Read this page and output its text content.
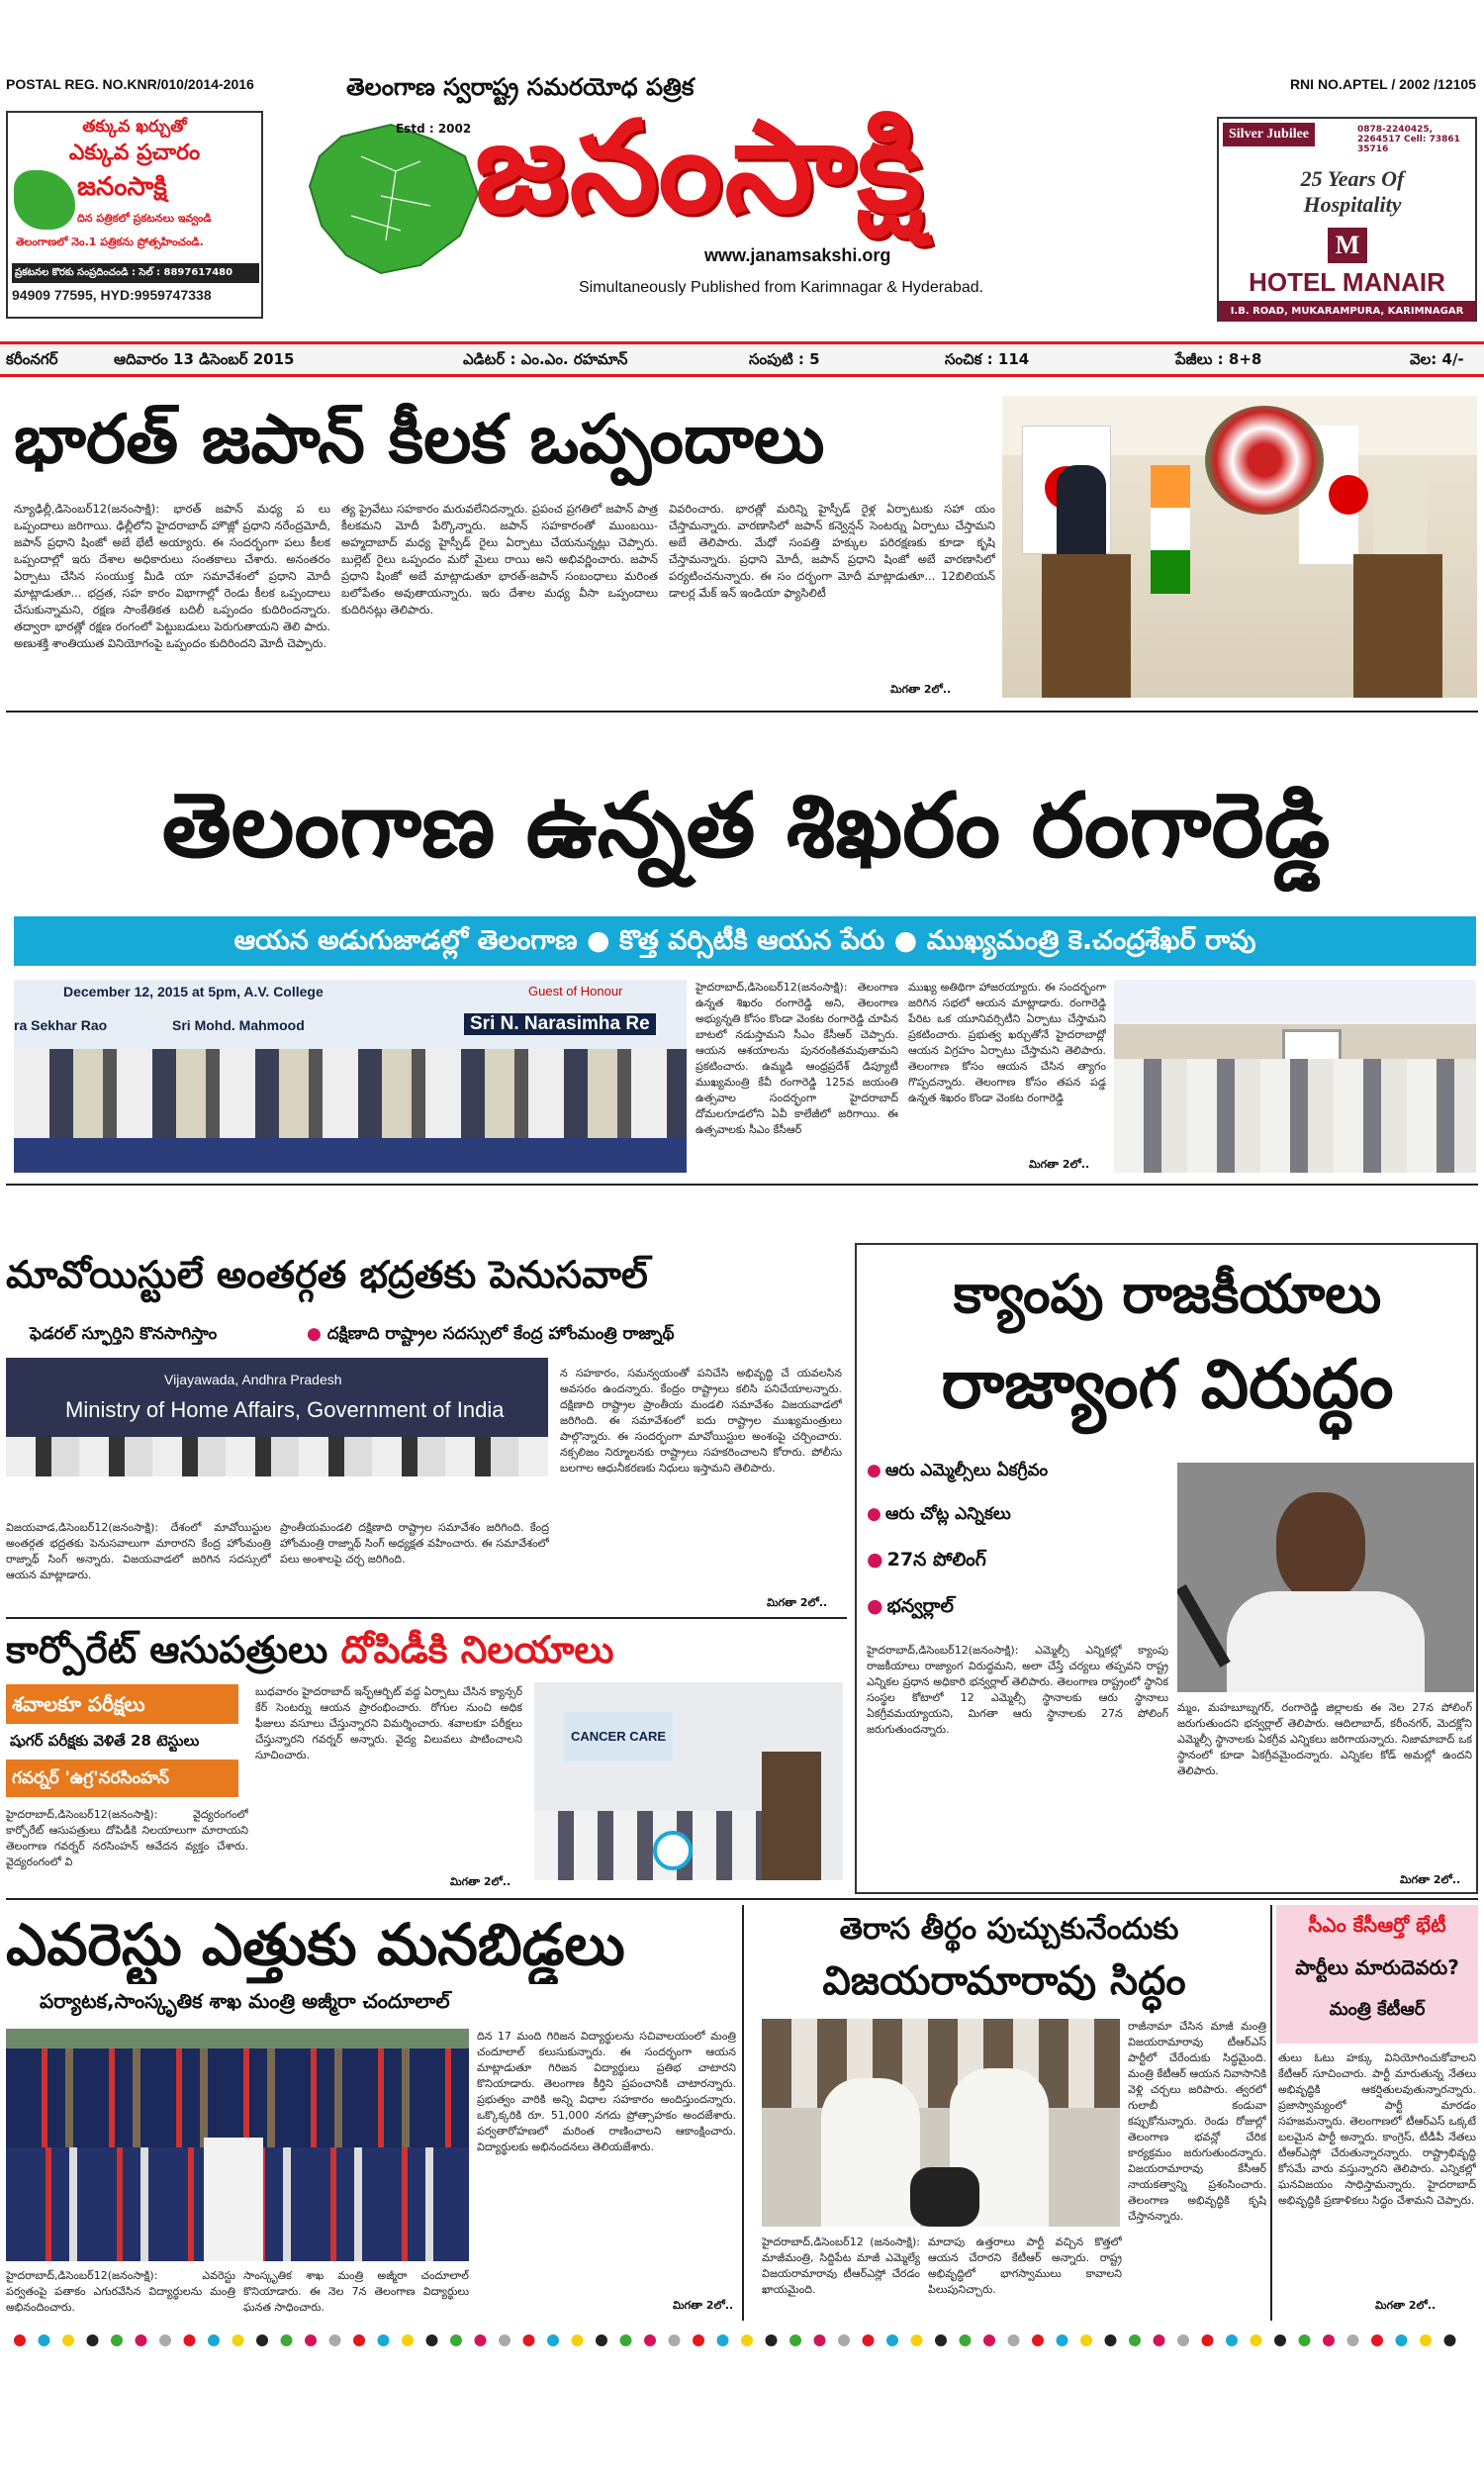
POSTAL REG. NO.KNR/010/2014-2016	RNI NO.APTEL / 2002 /12105
తక్కువ ఖర్చుతో
ఎక్కువ ప్రచారం
జనంసాక్షి
దిన పత్రికలో ప్రకటనలు ఇవ్వండి
తెలంగాణలో నెం.1 పత్రికను ప్రోత్సహించండి.
ప్రకటనల కొరకు సంప్రదించండి : సెల్ : 8897617480
94909 77595, HYD:9959747338
తెలంగాణ స్వరాష్ట్ర సమరయోధ పత్రిక
Estd : 2002 జనంసాక్షి
www.janamsakshi.org
Simultaneously Published from Karimnagar & Hyderabad.
Silver Jubilee	0878-2240425, 2264517 Cell: 73861 35716
25 Years Of Hospitality
M
HOTEL MANAIR
I.B. ROAD, MUKARAMPURA, KARIMNAGAR (A.P.)
కరీంనగర్	ఆదివారం 13 డిసెంబర్ 2015	ఎడిటర్ : ఎం.ఎం. రహమాన్	సంపుటి : 5	సంచిక : 114	పేజీలు : 8+8	వెల: 4/-
భారత్ జపాన్ కీలక ఒప్పందాలు
న్యూఢిల్లీ,డిసెంబర్12(జనంసాక్షి): భారత్ జపాన్ మధ్య ప లు ఒప్పందాలు జరిగాయి. ఢిల్లీలోని హైదరాబాద్ హౌజ్లో ప్రధాని నరేంద్రమోదీ, జపాన్ ప్రధాని షింజో అబే భేటీ అయ్యారు. ఈ సందర్భంగా పలు కీలక ఒప్పందాల్లో ఇరు దేశాల అధికారులు సంతకాలు చేశారు. అనంతరం ఏర్పాటు చేసిన సంయుక్త మీడి యా సమావేశంలో ప్రధాని మోదీ మాట్లాడుతూ... భద్రత, సహ కారం విభాగాల్లో రెండు కీలక ఒప్పందాలు చేసుకున్నామని, రక్షణ సాంకేతికత బదిలీ ఒప్పందం కుదిరిందన్నారు. తద్వారా భారత్లో రక్షణ రంగంలో పెట్టుబడులు పెరుగుతాయని తెలి పారు. అణుశక్తి శాంతియుత వినియోగంపై ఒప్పందం కుదిరిందని మోదీ చెప్పారు.
త్య ప్రైవేటు సహకారం మరువలేనిదన్నారు. ప్రపంచ ప్రగతిలో జపాన్ పాత్ర కీలకమని మోదీ పేర్కొన్నారు. జపాన్ సహకారంతో ముంబయి-అహ్మదాబాద్ మధ్య హైస్పీడ్ రైలు ఏర్పాటు చేయనున్నట్లు చెప్పారు. బుల్లెట్ రైలు ఒప్పందం మరో మైలు రాయి అని అభివర్ణించారు. జపాన్ ప్రధాని షింజో అబే మాట్లాడుతూ భారత్-జపాన్ సంబంధాలు మరింత బలోపేతం అవుతాయన్నారు. ఇరు దేశాల మధ్య వీసా ఒప్పందాలు కుదిరినట్లు తెలిపారు.
వివరించారు. భారత్లో మరిన్ని హైస్పీడ్ రైళ్ల ఏర్పాటుకు సహా యం చేస్తామన్నారు. వారణాసిలో జపాన్ కన్వెన్షన్ సెంటర్ను ఏర్పాటు చేస్తామని అబే తెలిపారు. మేధో సంపత్తి హక్కుల పరిరక్షణకు కూడా కృషి చేస్తామన్నారు. ప్రధాని మోదీ, జపాన్ ప్రధాని షింజో అబే వారణాసిలో పర్యటించనున్నారు. ఈ సం దర్భంగా మోదీ మాట్లాడుతూ... 12బిలియన్ డాలర్ల మేక్ ఇన్ ఇండియా ఫ్యాసిలిటీ
మిగతా 2లో..
తెలంగాణ ఉన్నత శిఖరం రంగారెడ్డి
ఆయన అడుగుజాడల్లో తెలంగాణ ● కొత్త వర్సిటీకి ఆయన పేరు ● ముఖ్యమంత్రి కె.చంద్రశేఖర్ రావు
December 12, 2015 at 5pm, A.V. College	Guest of Honour
ra Sekhar Rao	Sri Mohd. Mahmood	Sri N. Narasimha Re
హైదరాబాద్,డిసెంబర్12(జనంసాక్షి): తెలంగాణ ఉన్నత శిఖరం రంగారెడ్డి అని, తెలంగాణ అభ్యున్నతి కోసం కొండా వెంకట రంగారెడ్డి చూపిన బాటలో నడుస్తామని సీఎం కేసీఆర్ చెప్పారు. ఆయన ఆశయాలను పునరంకితమవుతామని ప్రకటించారు. ఉమ్మడి ఆంధ్రప్రదేశ్ డిప్యూటీ ముఖ్యమంత్రి కేవీ రంగారెడ్డి 125వ జయంతి ఉత్సవాల సందర్భంగా హైదరాబాద్ దోమలగూడలోని ఏవీ కాలేజీలో జరిగాయి. ఈ ఉత్సవాలకు సీఎం కేసీఆర్
ముఖ్య అతిథిగా హాజరయ్యారు. ఈ సందర్భంగా జరిగిన సభలో ఆయన మాట్లాడారు. రంగారెడ్డి పేరిట ఒక యూనివర్సిటీని ఏర్పాటు చేస్తామని ప్రకటించారు. ప్రభుత్వ ఖర్చుతోనే హైదరాబాద్లో ఆయన విగ్రహం ఏర్పాటు చేస్తామని తెలిపారు. తెలంగాణ కోసం ఆయన చేసిన త్యాగం గొప్పదన్నారు. తెలంగాణ కోసం తపన పడ్డ ఉన్నత శిఖరం కొండా వెంకట రంగారెడ్డి
మిగతా 2లో..
మావోయిస్టులే అంతర్గత భద్రతకు పెనుసవాల్
ఫెడరల్ స్ఫూర్తిని కొనసాగిస్తాం	● దక్షిణాది రాష్ట్రాల సదస్సులో కేంద్ర హోంమంత్రి రాజ్నాథ్
Vijayawada, Andhra Pradesh
Ministry of Home Affairs, Government of India
న సహకారం, సమన్వయంతో పనిచేసి అభివృద్ధి చే యవలసిన అవసరం ఉందన్నారు. కేంద్రం రాష్ట్రాలు కలిసి పనిచేయాలన్నారు. దక్షిణాది రాష్ట్రాల ప్రాంతీయ మండలి సమావేశం విజయవాడలో జరిగింది. ఈ సమావేశంలో ఐదు రాష్ట్రాల ముఖ్యమంత్రులు పాల్గొన్నారు. ఈ సందర్భంగా మావోయిస్టుల అంశంపై చర్చించారు. నక్సలిజం నిర్మూలనకు రాష్ట్రాలు సహకరించాలని కోరారు. పోలీసు బలగాల ఆధునీకరణకు నిధులు ఇస్తామని తెలిపారు.
విజయవాడ,డిసెంబర్12(జనంసాక్షి): దేశంలో మావోయిస్టుల అంతర్గత భద్రతకు పెనుసవాలుగా మారారని కేంద్ర హోంమంత్రి రాజ్నాథ్ సింగ్ అన్నారు. విజయవాడలో జరిగిన సదస్సులో ఆయన మాట్లాడారు.
ప్రాంతీయమండలి దక్షిణాది రాష్ట్రాల సమావేశం జరిగింది. కేంద్ర హోంమంత్రి రాజ్నాథ్ సింగ్ అధ్యక్షత వహించారు. ఈ సమావేశంలో పలు అంశాలపై చర్చ జరిగింది.
మిగతా 2లో..
కార్పోరేట్ ఆసుపత్రులు దోపిడీకి నిలయాలు
శవాలకూ పరీక్షలు
షుగర్ పరీక్షకు వెళితే 28 టెస్టులు
గవర్నర్ 'ఉగ్ర'నరసింహన్
హైదరాబాద్,డిసెంబర్12(జనంసాక్షి): వైద్యరంగంలో కార్పోరేట్ ఆసుపత్రులు దోపిడీకి నిలయాలుగా మారాయని తెలంగాణ గవర్నర్ నరసింహన్ ఆవేదన వ్యక్తం చేశారు. వైద్యరంగంలో వి
బుధవారం హైదరాబాద్ ఇన్ఫ్ఆర్బిట్ వద్ద ఏర్పాటు చేసిన క్యాన్సర్ కేర్ సెంటర్ను ఆయన ప్రారంభించారు. రోగుల నుంచి అధిక ఫీజులు వసూలు చేస్తున్నారని విమర్శించారు. శవాలకూ పరీక్షలు చేస్తున్నారని గవర్నర్ అన్నారు. వైద్య విలువలు పాటించాలని సూచించారు.
మిగతా 2లో..
CANCER CARE
క్యాంపు రాజకీయాలు
రాజ్యాంగ విరుద్ధం
● ఆరు ఎమ్మెల్సీలు ఏకగ్రీవం
● ఆరు చోట్ల ఎన్నికలు
● 27న పోలింగ్
● భన్వర్లాల్
హైదరాబాద్,డిసెంబర్12(జనంసాక్షి): ఎమ్మెల్సీ ఎన్నికల్లో క్యాంపు రాజకీయాలు రాజ్యాంగ విరుద్ధమని, అలా చేస్తే చర్యలు తప్పవని రాష్ట్ర ఎన్నికల ప్రధాన అధికారి భన్వర్లాల్ తెలిపారు. తెలంగాణ రాష్ట్రంలో స్థానిక సంస్థల కోటాలో 12 ఎమ్మెల్సీ స్థానాలకు ఆరు స్థానాలు ఏకగ్రీవమయ్యాయని, మిగతా ఆరు స్థానాలకు 27న పోలింగ్ జరుగుతుందన్నారు.
మ్మం, మహబూబ్నగర్, రంగారెడ్డి జిల్లాలకు ఈ నెల 27న పోలింగ్ జరుగుతుందని భన్వర్లాల్ తెలిపారు. ఆదిలాబాద్, కరీంనగర్, మెదక్లోని ఎమ్మెల్సీ స్థానాలకు ఏకగ్రీవ ఎన్నికలు జరిగాయన్నారు. నిజామాబాద్ ఒక స్థానంలో కూడా ఏకగ్రీవమైందన్నారు. ఎన్నికల కోడ్ అమల్లో ఉందని తెలిపారు.
మిగతా 2లో..
ఎవరెస్టు ఎత్తుకు మనబిడ్డలు
పర్యాటక,సాంస్కృతిక శాఖ మంత్రి అజ్మీరా చందూలాల్
హైదరాబాద్,డిసెంబర్12(జనంసాక్షి): ఎవరెస్టు పర్వతంపై పతాకం ఎగురవేసిన విద్యార్థులను మంత్రి అభినందించారు.
సాంస్కృతిక శాఖ మంత్రి అజ్మీరా చందూలాల్ కొనియాడారు. ఈ నెల 7న తెలంగాణ విద్యార్థులు ఘనత సాధించారు.
దిన 17 మంది గిరిజన విద్యార్థులను సచివాలయంలో మంత్రి చందూలాల్ కలుసుకున్నారు. ఈ సందర్భంగా ఆయన మాట్లాడుతూ గిరిజన విద్యార్థులు ప్రతిభ చాటారని కొనియాడారు. తెలంగాణ కీర్తిని ప్రపంచానికి చాటారన్నారు. ప్రభుత్వం వారికి అన్ని విధాల సహకారం అందిస్తుందన్నారు. ఒక్కొక్కరికి రూ. 51,000 నగదు ప్రోత్సాహకం అందజేశారు. పర్వతారోహణలో మరింత రాణించాలని ఆకాంక్షించారు. విద్యార్థులకు అభినందనలు తెలియజేశారు.
మిగతా 2లో..
తెరాస తీర్థం పుచ్చుకునేందుకు
విజయరామారావు సిద్ధం
హైదరాబాద్,డిసెంబర్12 (జనంసాక్షి): మాజీమంత్రి, సిద్దిపేట మాజీ ఎమ్మెల్యే విజయరామారావు టీఆర్ఎస్లో చేరడం ఖాయమైంది.
మాదాపు ఉత్తరాలు పార్టీ వచ్చిన కొత్తలో ఆయన చేరారని కేటీఆర్ అన్నారు. రాష్ట్ర అభివృద్ధిలో భాగస్వాములు కావాలని పిలుపునిచ్చారు.
రాజీనామా చేసిన మాజీ మంత్రి విజయరామారావు టీఆర్ఎస్ పార్టీలో చేరేందుకు సిద్ధమైంది. మంత్రి కేటీఆర్ ఆయన నివాసానికి వెళ్లి చర్చలు జరిపారు. త్వరలో గులాబీ కండువా కప్పుకోనున్నారు. రెండు రోజుల్లో తెలంగాణ భవన్లో చేరిక కార్యక్రమం జరుగుతుందన్నారు. విజయరామారావు కేసీఆర్ నాయకత్వాన్ని ప్రశంసించారు. తెలంగాణ అభివృద్ధికి కృషి చేస్తానన్నారు.
సీఎం కేసీఆర్తో భేటీ
పార్టీలు మారుదెవరు?
మంత్రి కేటీఆర్
తులు ఓటు హక్కు వినియోగించుకోవాలని కేటీఆర్ సూచించారు. పార్టీ మారుతున్న నేతలు అభివృద్ధికి ఆకర్షితులవుతున్నారన్నారు. ప్రజాస్వామ్యంలో పార్టీ మారడం సహజమన్నారు. తెలంగాణలో టీఆర్ఎస్ ఒక్కటే బలమైన పార్టీ అన్నారు. కాంగ్రెస్, టీడీపీ నేతలు టీఆర్ఎస్లో చేరుతున్నారన్నారు. రాష్ట్రాభివృద్ధి కోసమే వారు వస్తున్నారని తెలిపారు. ఎన్నికల్లో ఘనవిజయం సాధిస్తామన్నారు. హైదరాబాద్ అభివృద్ధికి ప్రణాళికలు సిద్ధం చేశామని చెప్పారు.
మిగతా 2లో..
